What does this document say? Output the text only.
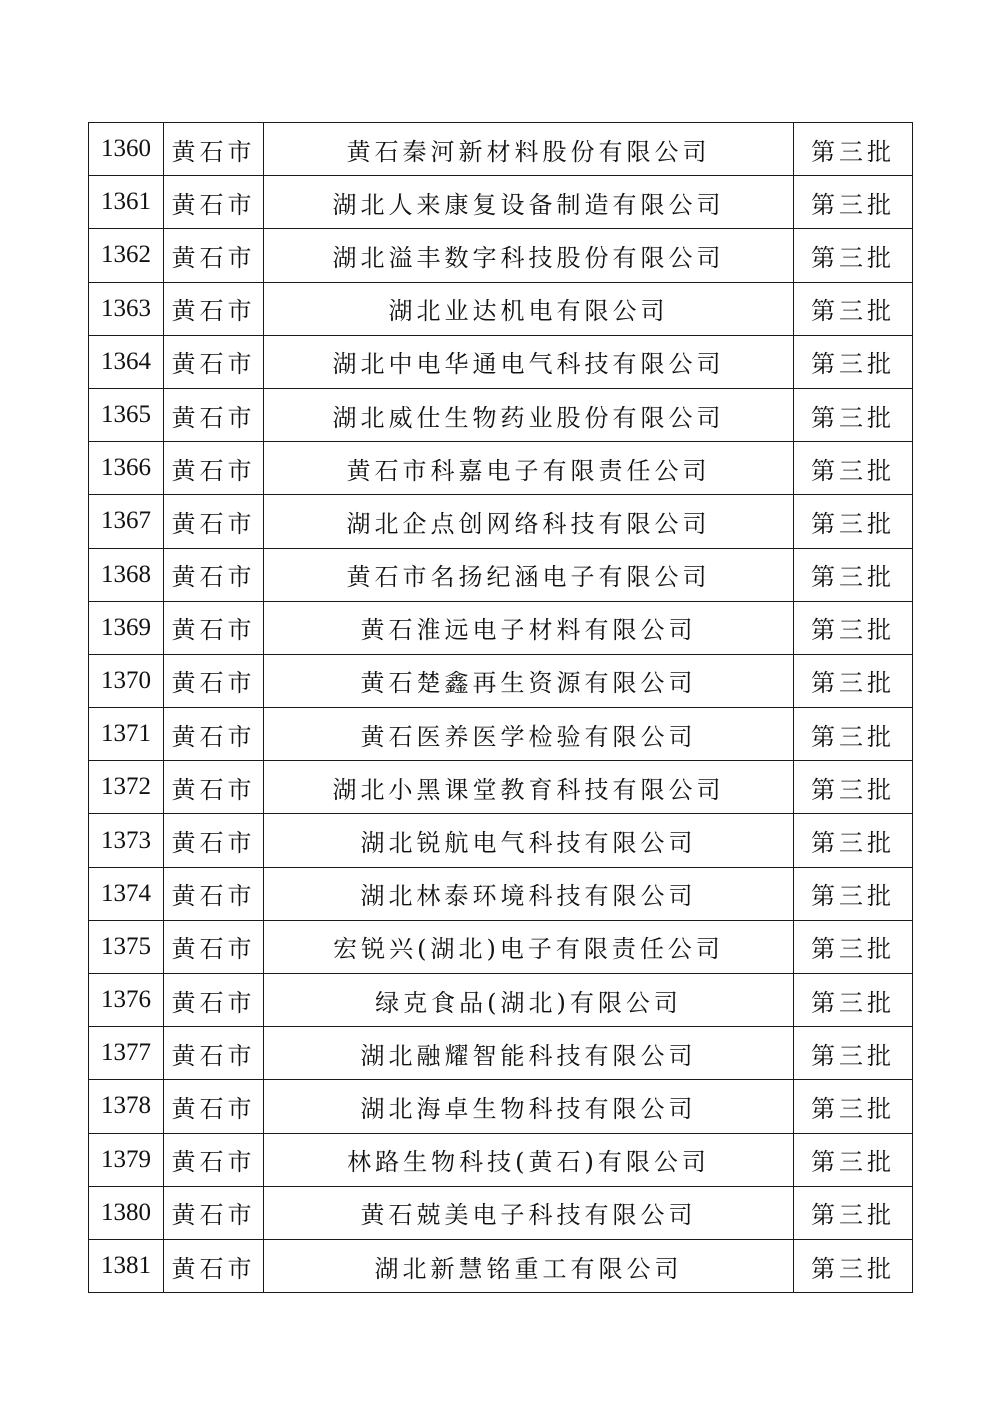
1360	黄石市	黄石秦河新材料股份有限公司	第三批
1361	黄石市	湖北人来康复设备制造有限公司	第三批
1362	黄石市	湖北溢丰数字科技股份有限公司	第三批
1363	黄石市	湖北业达机电有限公司	第三批
1364	黄石市	湖北中电华通电气科技有限公司	第三批
1365	黄石市	湖北威仕生物药业股份有限公司	第三批
1366	黄石市	黄石市科嘉电子有限责任公司	第三批
1367	黄石市	湖北企点创网络科技有限公司	第三批
1368	黄石市	黄石市名扬纪涵电子有限公司	第三批
1369	黄石市	黄石淮远电子材料有限公司	第三批
1370	黄石市	黄石楚鑫再生资源有限公司	第三批
1371	黄石市	黄石医养医学检验有限公司	第三批
1372	黄石市	湖北小黑课堂教育科技有限公司	第三批
1373	黄石市	湖北锐航电气科技有限公司	第三批
1374	黄石市	湖北林泰环境科技有限公司	第三批
1375	黄石市	宏锐兴(湖北)电子有限责任公司	第三批
1376	黄石市	绿克食品(湖北)有限公司	第三批
1377	黄石市	湖北融耀智能科技有限公司	第三批
1378	黄石市	湖北海卓生物科技有限公司	第三批
1379	黄石市	林路生物科技(黄石)有限公司	第三批
1380	黄石市	黄石兢美电子科技有限公司	第三批
1381	黄石市	湖北新慧铭重工有限公司	第三批
